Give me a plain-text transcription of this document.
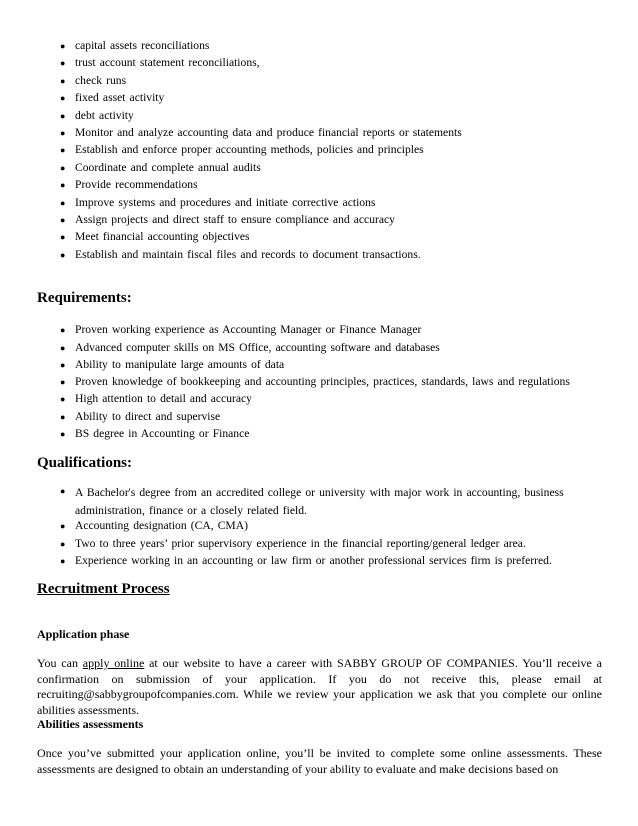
● capital assets reconciliations
● trust account statement reconciliations,
● check runs
● fixed asset activity
● debt activity
● Monitor and analyze accounting data and produce financial reports or statements
● Establish and enforce proper accounting methods, policies and principles
● Coordinate and complete annual audits
● Provide recommendations
● Improve systems and procedures and initiate corrective actions
● Assign projects and direct staff to ensure compliance and accuracy
● Meet financial accounting objectives
● Establish and maintain fiscal files and records to document transactions.
Requirements:
● Proven working experience as Accounting Manager or Finance Manager
● Advanced computer skills on MS Office, accounting software and databases
● Ability to manipulate large amounts of data
● Proven knowledge of bookkeeping and accounting principles, practices, standards, laws and regulations
● High attention to detail and accuracy
● Ability to direct and supervise
● BS degree in Accounting or Finance
Qualifications:
● A Bachelor's degree from an accredited college or university with major work in accounting, business administration, finance or a closely related field.
● Accounting designation (CA, CMA)
● Two to three years’ prior supervisory experience in the financial reporting/general ledger area.
● Experience working in an accounting or law firm or another professional services firm is preferred.
Recruitment Process
Application phase
You can apply online at our website to have a career with SABBY GROUP OF COMPANIES. You’ll receive a confirmation on submission of your application. If you do not receive this, please email at recruiting@sabbygroupofcompanies.com. While we review your application we ask that you complete our online abilities assessments.
Abilities assessments
Once you’ve submitted your application online, you’ll be invited to complete some online assessments. These assessments are designed to obtain an understanding of your ability to evaluate and make decisions based on
